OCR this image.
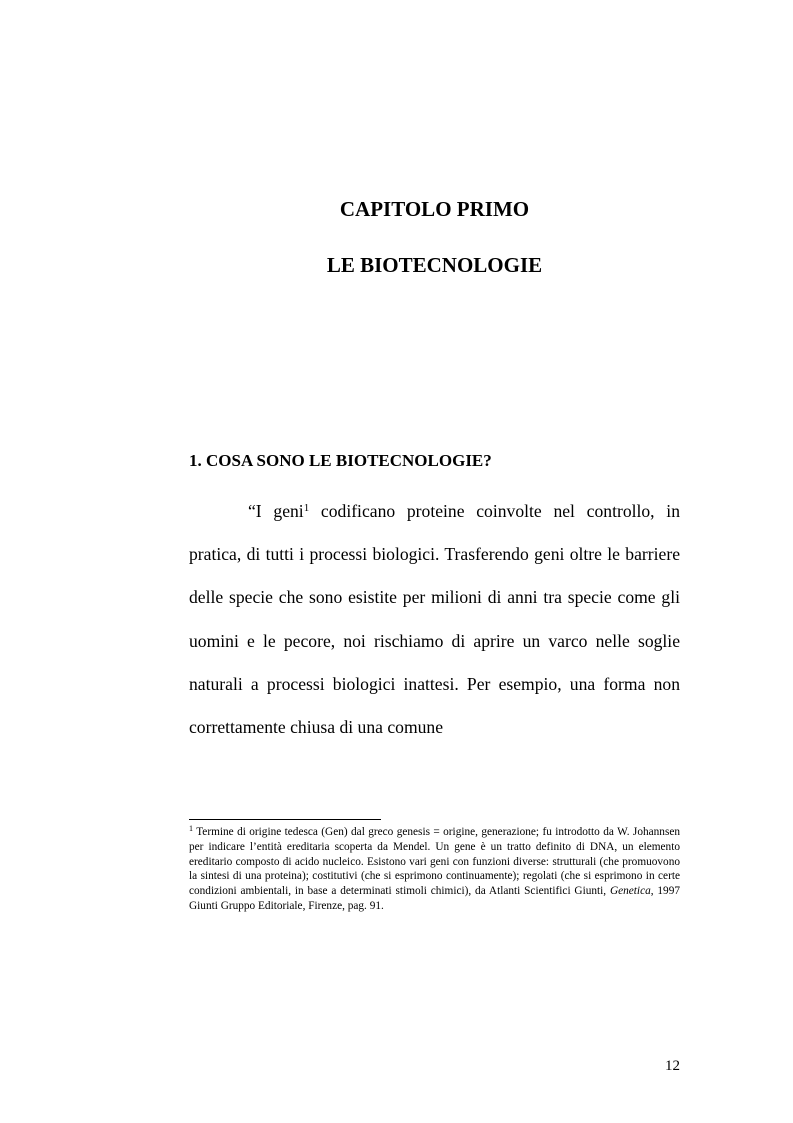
CAPITOLO PRIMO
LE BIOTECNOLOGIE
1. COSA SONO LE BIOTECNOLOGIE?

“I geni$^1$ codificano proteine coinvolte nel controllo, in pratica, di tutti i processi biologici. Trasferendo geni oltre le barriere delle specie che sono esistite per milioni di anni tra specie come gli uomini e le pecore, noi rischiamo di aprire un varco nelle soglie naturali a processi biologici inattesi. Per esempio, una forma non correttamente chiusa di una comune

$^1$ Termine di origine tedesca (Gen) dal greco genesis = origine, generazione; fu introdotto da W. Johannsen per indicare l’entità ereditaria scoperta da Mendel. Un gene è un tratto definito di DNA, un elemento ereditario composto di acido nucleico. Esistono vari geni con funzioni diverse: strutturali (che promuovono la sintesi di una proteina); costitutivi (che si esprimono continuamente); regolati (che si esprimono in certe condizioni ambientali, in base a determinati stimoli chimici), da Atlanti Scientifici Giunti, Genetica, 1997 Giunti Gruppo Editoriale, Firenze, pag. 91.

12
